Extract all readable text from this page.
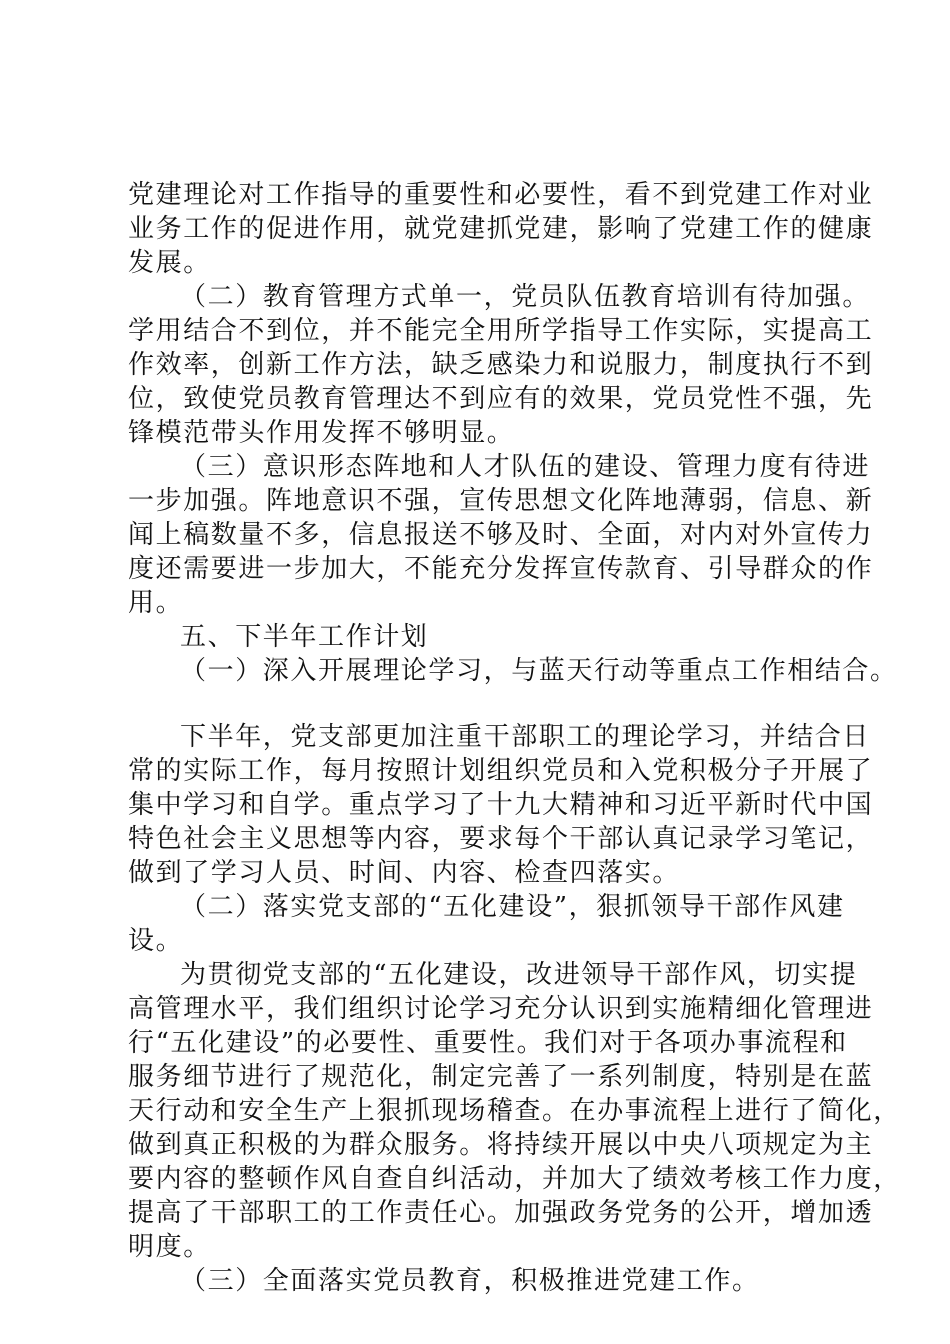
党建理论对工作指导的重要性和必要性，看不到党建工作对业
业务工作的促进作用，就党建抓党建，影响了党建工作的健康
发展。
（二）教育管理方式单一，党员队伍教育培训有待加强。
学用结合不到位，并不能完全用所学指导工作实际，实提高工
作效率，创新工作方法，缺乏感染力和说服力，制度执行不到
位，致使党员教育管理达不到应有的效果，党员党性不强，先
锋模范带头作用发挥不够明显。
（三）意识形态阵地和人才队伍的建设、管理力度有待进
一步加强。阵地意识不强，宣传思想文化阵地薄弱，信息、新
闻上稿数量不多，信息报送不够及时、全面，对内对外宣传力
度还需要进一步加大，不能充分发挥宣传款育、引导群众的作
用。
五、下半年工作计划
（一）深入开展理论学习，与蓝天行动等重点工作相结合。
下半年，党支部更加注重干部职工的理论学习，并结合日
常的实际工作，每月按照计划组织党员和入党积极分子开展了
集中学习和自学。重点学习了十九大精神和习近平新时代中国
特色社会主义思想等内容，要求每个干部认真记录学习笔记，
做到了学习人员、时间、内容、检查四落实。
（二）落实党支部的“五化建设”，狠抓领导干部作风建
设。
为贯彻党支部的“五化建设，改进领导干部作风，切实提
高管理水平，我们组织讨论学习充分认识到实施精细化管理进
行“五化建设”的必要性、重要性。我们对于各项办事流程和
服务细节进行了规范化，制定完善了一系列制度，特别是在蓝
天行动和安全生产上狠抓现场稽查。在办事流程上进行了简化，
做到真正积极的为群众服务。将持续开展以中央八项规定为主
要内容的整顿作风自查自纠活动，并加大了绩效考核工作力度，
提高了干部职工的工作责任心。加强政务党务的公开，增加透
明度。
（三）全面落实党员教育，积极推进党建工作。
